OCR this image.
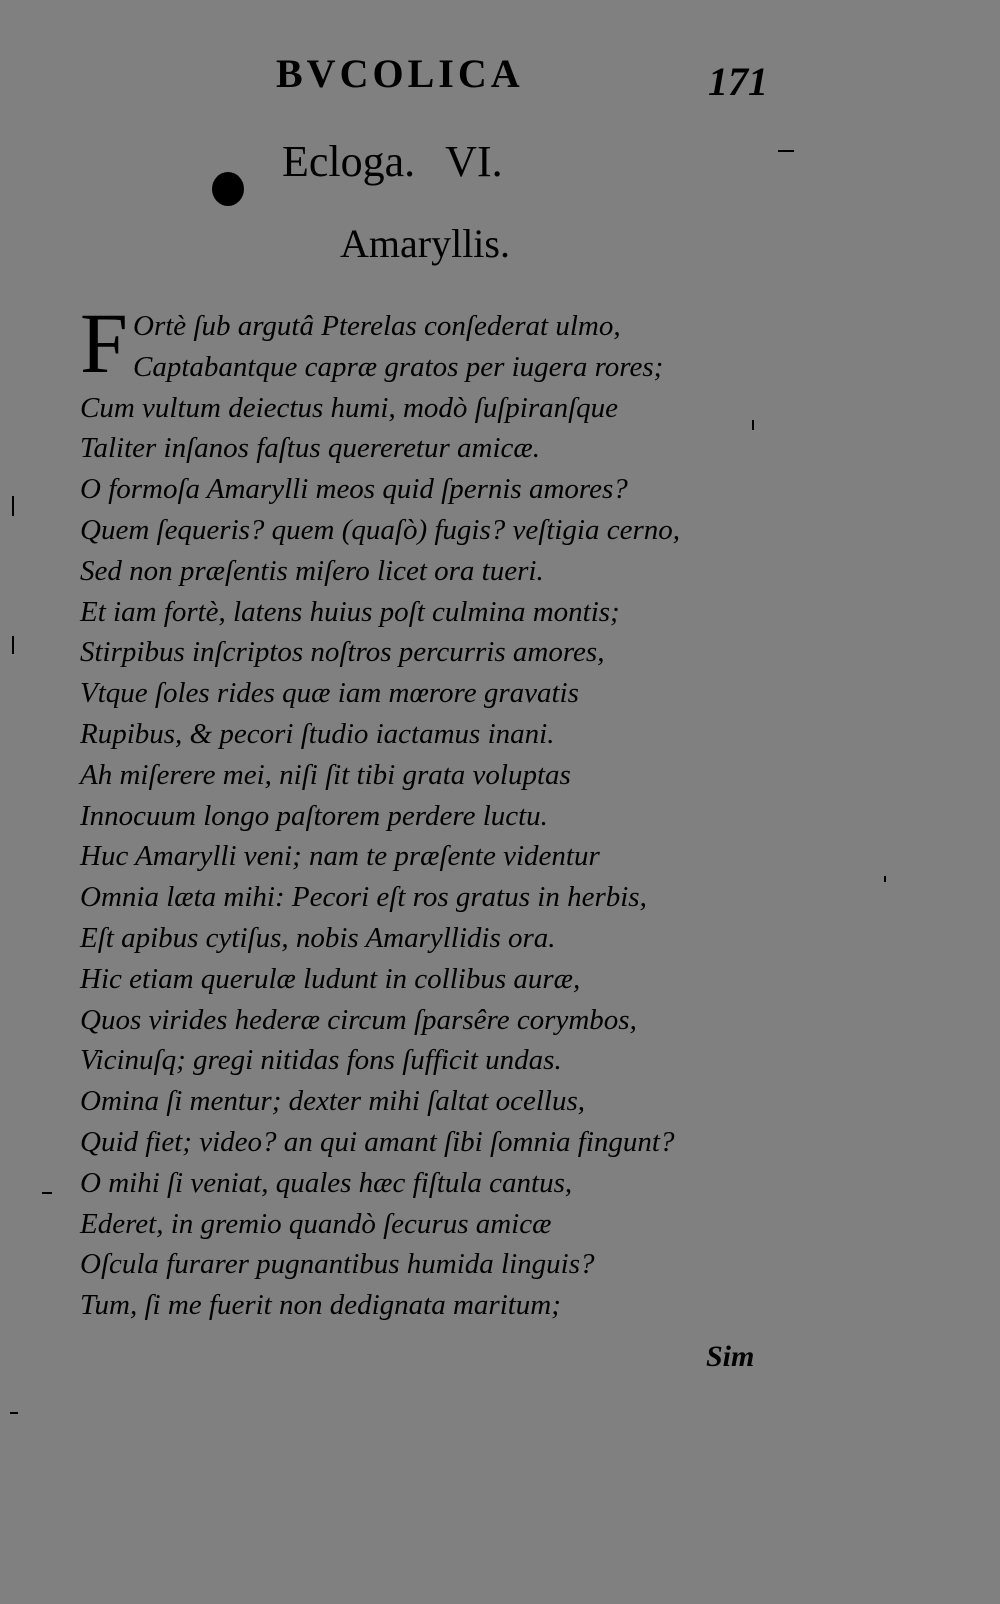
BVCOLICA	171
Ecloga. VI.
Amaryllis.
F Ortè ſub argutâ Pterelas conſederat ulmo,
Captabantque capræ gratos per iugera rores;
Cum vultum deiectus humi, modò ſuſpiranſque
Taliter inſanos faſtus quereretur amicæ.
O formoſa Amarylli meos quid ſpernis amores?
Quem ſequeris? quem (quaſò) fugis? veſtigia cerno,
Sed non præſentis miſero licet ora tueri.
Et iam fortè, latens huius poſt culmina montis;
Stirpibus inſcriptos noſtros percurris amores,
Vtque ſoles rides quæ iam mœrore gravatis
Rupibus, & pecori ſtudio iactamus inani.
Ah miſerere mei, niſi ſit tibi grata voluptas
Innocuum longo paſtorem perdere luctu.
Huc Amarylli veni; nam te præſente videntur
Omnia læta mihi: Pecori eſt ros gratus in herbis,
Eſt apibus cytiſus, nobis Amaryllidis ora.
Hic etiam querulæ ludunt in collibus auræ,
Quos virides hederæ circum ſparsêre corymbos,
Vicinuſq; gregi nitidas fons ſufficit undas.
Omina ſi mentur; dexter mihi ſaltat ocellus,
Quid fiet; video? an qui amant ſibi ſomnia fingunt?
O mihi ſi veniat, quales hæc fiſtula cantus,
Ederet, in gremio quandò ſecurus amicæ
Oſcula furarer pugnantibus humida linguis?
Tum, ſi me fuerit non dedignata maritum;
Sim
